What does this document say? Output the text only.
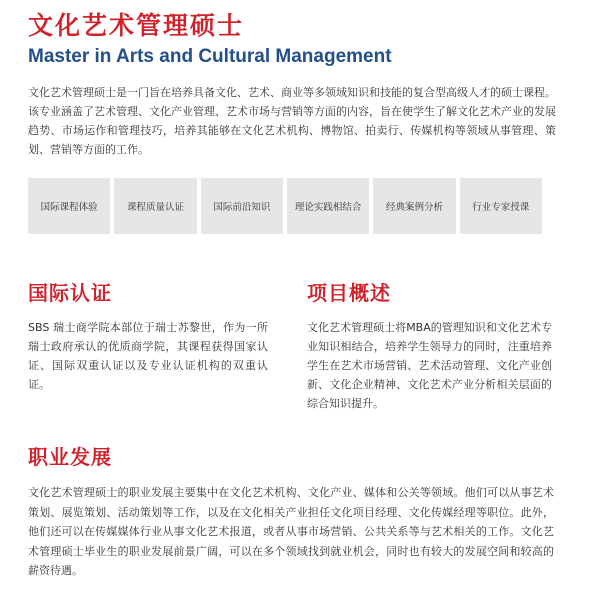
文化艺术管理硕士
Master in Arts and Cultural Management

文化艺术管理硕士是一门旨在培养具备文化、艺术、商业等多领域知识和技能的复合型高级人才的硕士课程。该专业涵盖了艺术管理、文化产业管理、艺术市场与营销等方面的内容，旨在使学生了解文化艺术产业的发展趋势、市场运作和管理技巧，培养其能够在文化艺术机构、博物馆、拍卖行、传媒机构等领域从事管理、策划、营销等方面的工作。

国际课程体验	课程质量认证	国际前沿知识	理论实践相结合	经典案例分析	行业专家授课
国际认证

SBS 瑞士商学院本部位于瑞士苏黎世，作为一所瑞士政府承认的优质商学院，其课程获得国家认证、国际双重认证以及专业认证机构的双重认证。

项目概述

文化艺术管理硕士将MBA的管理知识和文化艺术专业知识相结合，培养学生领导力的同时，注重培养学生在艺术市场营销、艺术活动管理、文化产业创新、文化企业精神、文化艺术产业分析相关层面的综合知识提升。

职业发展

文化艺术管理硕士的职业发展主要集中在文化艺术机构、文化产业、媒体和公关等领域。他们可以从事艺术策划、展览策划、活动策划等工作，以及在文化相关产业担任文化项目经理、文化传媒经理等职位。此外，他们还可以在传媒媒体行业从事文化艺术报道，或者从事市场营销、公共关系等与艺术相关的工作。文化艺术管理硕士毕业生的职业发展前景广阔，可以在多个领域找到就业机会，同时也有较大的发展空间和较高的薪资待遇。
